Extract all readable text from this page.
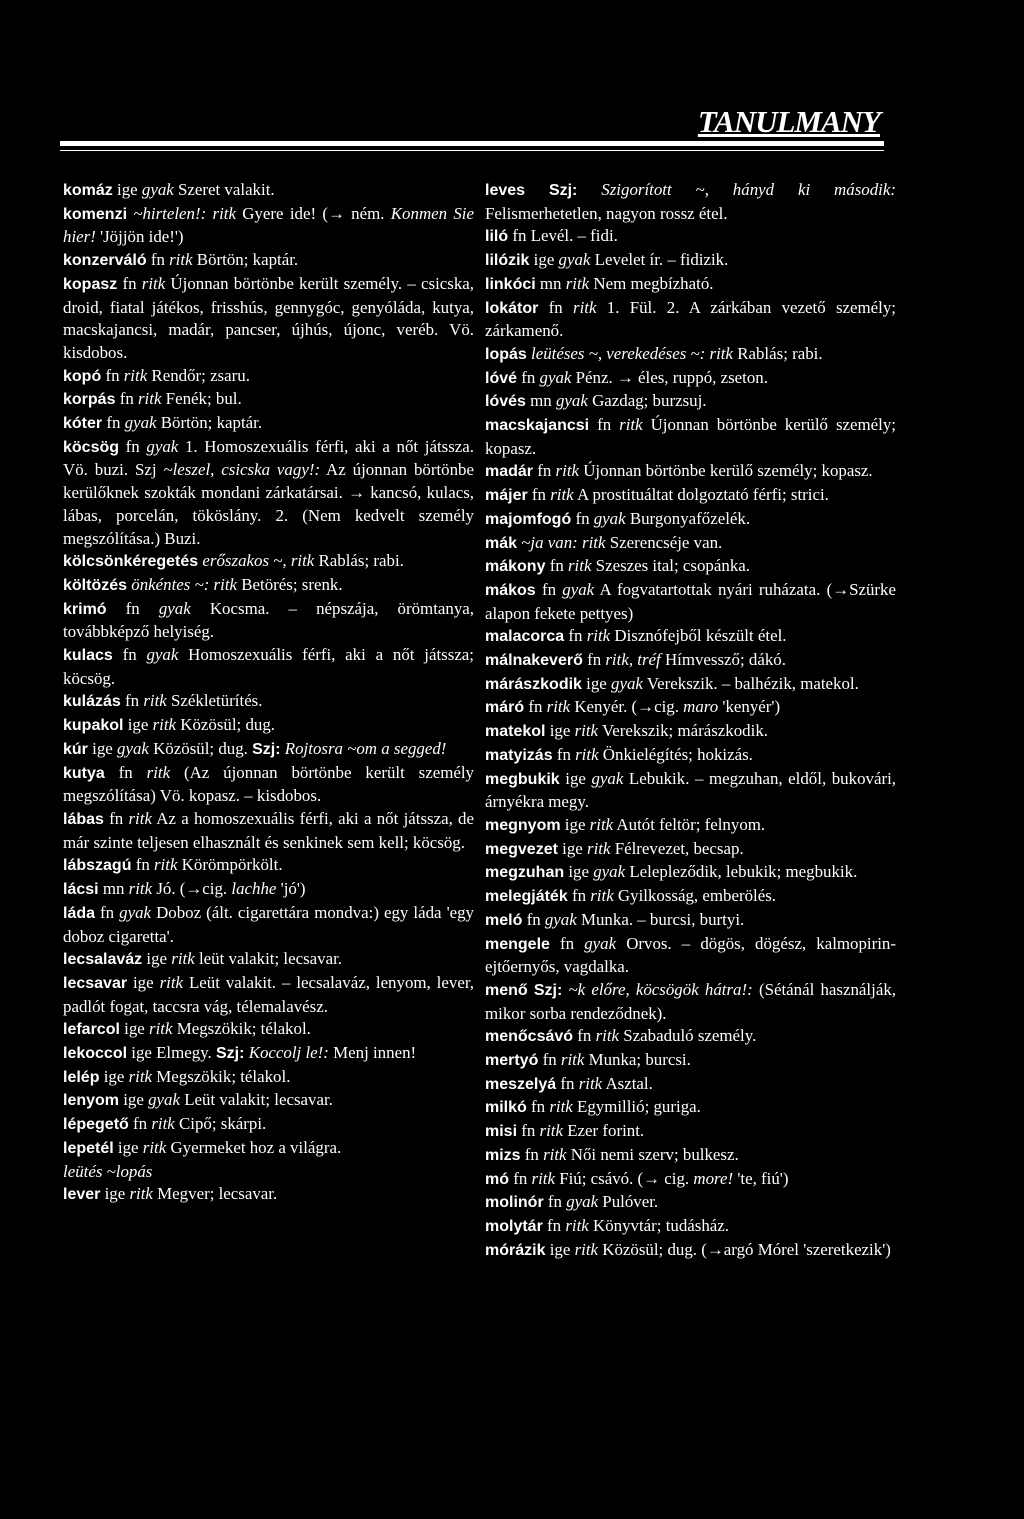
TANULMANY

komáz ige gyak Szeret valakit.

komenzi ~hirtelen!: ritk Gyere ide! (→ ném. Konmen Sie hier! 'Jöjjön ide!')

konzerváló fn ritk Börtön; kaptár.

kopasz fn ritk Újonnan börtönbe került személy. – csicska, droid, fiatal játékos, frisshús, gennygóc, genyóláda, kutya, macskajancsi, madár, pancser, újhús, újonc, veréb. Vö. kisdobos.

kopó fn ritk Rendőr; zsaru.

korpás fn ritk Fenék; bul.

kóter fn gyak Börtön; kaptár.

köcsög fn gyak 1. Homoszexuális férfi, aki a nőt játssza. Vö. buzi. Szj ~leszel, csicska vagy!: Az újonnan börtönbe kerülőknek szokták mondani zárkatársai. → kancsó, kulacs, lábas, porcelán, tököslány. 2. (Nem kedvelt személy megszólítása.) Buzi.

kölcsönkéregetés erőszakos ~, ritk Rablás; rabi.

költözés önkéntes ~: ritk Betörés; srenk.

krimó fn gyak Kocsma. – népszája, örömtanya, továbbképző helyiség.

kulacs fn gyak Homoszexuális férfi, aki a nőt játssza; köcsög.

kulázás fn ritk Székletürítés.

kupakol ige ritk Közösül; dug.

kúr ige gyak Közösül; dug. Szj: Rojtosra ~om a segged!

kutya fn ritk (Az újonnan börtönbe került személy megszólítása) Vö. kopasz. – kisdobos.

lábas fn ritk Az a homoszexuális férfi, aki a nőt játssza, de már szinte teljesen elhasznált és senkinek sem kell; köcsög.

lábszagú fn ritk Körömpörkölt.

lácsi mn ritk Jó. (→cig. lachhe 'jó')

láda fn gyak Doboz (ált. cigarettára mondva:) egy láda 'egy doboz cigaretta'.

lecsalaváz ige ritk leüt valakit; lecsavar.

lecsavar ige ritk Leüt valakit. – lecsalaváz, lenyom, lever, padlót fogat, taccsra vág, télemalavész.

lefarcol ige ritk Megszökik; télakol.

lekoccol ige Elmegy. Szj: Koccolj le!: Menj innen!

lelép ige ritk Megszökik; télakol.

lenyom ige gyak Leüt valakit; lecsavar.

lépegető fn ritk Cipő; skárpi.

lepetél ige ritk Gyermeket hoz a világra.

leütés ~lopás

lever ige ritk Megver; lecsavar.

leves Szj: Szigorított ~, hányd ki második: Felismerhetetlen, nagyon rossz étel.

liló fn Levél. – fidi.

lilózik ige gyak Levelet ír. – fidizik.

linkóci mn ritk Nem megbízható.

lokátor fn ritk 1. Fül. 2. A zárkában vezető személy; zárkamenő.

lopás leütéses ~, verekedéses ~: ritk Rablás; rabi.

lóvé fn gyak Pénz. → éles, ruppó, zseton.

lóvés mn gyak Gazdag; burzsuj.

macskajancsi fn ritk Újonnan börtönbe kerülő személy; kopasz.

madár fn ritk Újonnan börtönbe kerülő személy; kopasz.

májer fn ritk A prostituáltat dolgoztató férfi; strici.

majomfogó fn gyak Burgonyafőzelék.

mák ~ja van: ritk Szerencséje van.

mákony fn ritk Szeszes ital; csopánka.

mákos fn gyak A fogvatartottak nyári ruházata. (→Szürke alapon fekete pettyes)

malacorca fn ritk Disznófejből készült étel.

málnakeverő fn ritk, tréf Hímvessző; dákó.

márászkodik ige gyak Verekszik. – balhézik, matekol.

máró fn ritk Kenyér. (→cig. maro 'kenyér')

matekol ige ritk Verekszik; márászkodik.

matyizás fn ritk Önkielégítés; hokizás.

megbukik ige gyak Lebukik. – megzuhan, eldől, bukovári, árnyékra megy.

megnyom ige ritk Autót feltör; felnyom.

megvezet ige ritk Félrevezet, becsap.

megzuhan ige gyak Lelepleződik, lebukik; megbukik.

melegjáték fn ritk Gyilkosság, emberölés.

meló fn gyak Munka. – burcsi, burtyi.

mengele fn gyak Orvos. – dögös, dögész, kalmopirin-ejtőernyős, vagdalka.

menő Szj: ~k előre, köcsögök hátra!: (Sétánál használják, mikor sorba rendeződnek).

menőcsávó fn ritk Szabaduló személy.

mertyó fn ritk Munka; burcsi.

meszelyá fn ritk Asztal.

milkó fn ritk Egymillió; guriga.

misi fn ritk Ezer forint.

mizs fn ritk Női nemi szerv; bulkesz.

mó fn ritk Fiú; csávó. (→ cig. more! 'te, fiú')

molinór fn gyak Pulóver.

molytár fn ritk Könyvtár; tudásház.

mórázik ige ritk Közösül; dug. (→argó Mórel 'szeretkezik')
